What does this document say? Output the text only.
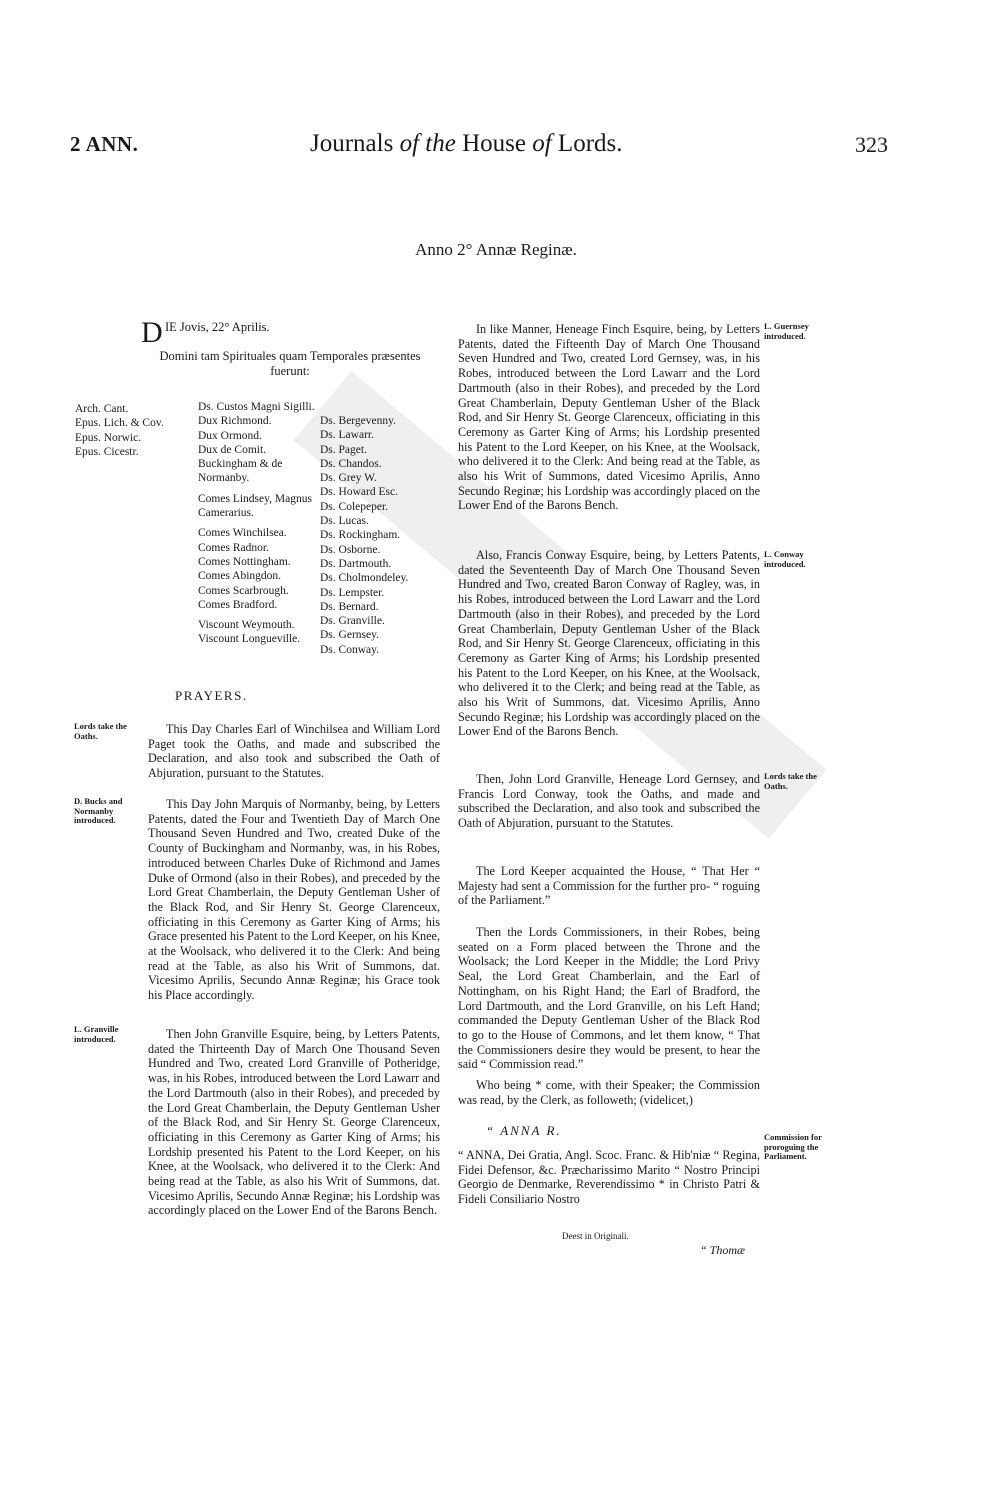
2 ANN.	Journals of the House of Lords.	323
Anno 2° Annæ Reginæ.
D IE Jovis, 22° Aprilis.
Domini tam Spirituales quam Temporales præsentes fuerunt:
Arch. Cant.
Epus. Lich. & Cov.
Epus. Norwic.
Epus. Cicestr.
Ds. Custos Magni Sigilli.
Dux Richmond.
Dux Ormond.
Dux de Comit. Buckingham & de Normanby.
Comes Lindsey, Magnus Camerarius.
Comes Winchilsea.
Comes Radnor.
Comes Nottingham.
Comes Abingdon.
Comes Scarbrough.
Comes Bradford.
Viscount Weymouth.
Viscount Longueville.
Ds. Bergevenny.
Ds. Lawarr.
Ds. Paget.
Ds. Chandos.
Ds. Grey W.
Ds. Howard Esc.
Ds. Colepeper.
Ds. Lucas.
Ds. Rockingham.
Ds. Osborne.
Ds. Dartmouth.
Ds. Cholmondeley.
Ds. Lempster.
Ds. Bernard.
Ds. Granville.
Ds. Gernsey.
Ds. Conway.
PRAYERS.
Lords take the Oaths.
D. Bucks and Normanby introduced.
L. Granville introduced.
This Day Charles Earl of Winchilsea and William Lord Paget took the Oaths, and made and subscribed the Declaration, and also took and subscribed the Oath of Abjuration, pursuant to the Statutes.
This Day John Marquis of Normanby, being, by Letters Patents, dated the Four and Twentieth Day of March One Thousand Seven Hundred and Two, created Duke of the County of Buckingham and Normanby, was, in his Robes, introduced between Charles Duke of Richmond and James Duke of Ormond (also in their Robes), and preceded by the Lord Great Chamberlain, the Deputy Gentleman Usher of the Black Rod, and Sir Henry St. George Clarenceux, officiating in this Ceremony as Garter King of Arms; his Grace presented his Patent to the Lord Keeper, on his Knee, at the Woolsack, who delivered it to the Clerk: And being read at the Table, as also his Writ of Summons, dat. Vicesimo Aprilis, Secundo Annæ Reginæ; his Grace took his Place accordingly.
Then John Granville Esquire, being, by Letters Patents, dated the Thirteenth Day of March One Thousand Seven Hundred and Two, created Lord Granville of Potheridge, was, in his Robes, introduced between the Lord Lawarr and the Lord Dartmouth (also in their Robes), and preceded by the Lord Great Chamberlain, the Deputy Gentleman Usher of the Black Rod, and Sir Henry St. George Clarenceux, officiating in this Ceremony as Garter King of Arms; his Lordship presented his Patent to the Lord Keeper, on his Knee, at the Woolsack, who delivered it to the Clerk: And being read at the Table, as also his Writ of Summons, dat. Vicesimo Aprilis, Secundo Annæ Reginæ; his Lordship was accordingly placed on the Lower End of the Barons Bench.
L. Guernsey introduced.
L. Conway introduced.
Lords take the Oaths.
Commission for proroguing the Parliament.
In like Manner, Heneage Finch Esquire, being, by Letters Patents, dated the Fifteenth Day of March One Thousand Seven Hundred and Two, created Lord Gernsey, was, in his Robes, introduced between the Lord Lawarr and the Lord Dartmouth (also in their Robes), and preceded by the Lord Great Chamberlain, Deputy Gentleman Usher of the Black Rod, and Sir Henry St. George Clarenceux, officiating in this Ceremony as Garter King of Arms; his Lordship presented his Patent to the Lord Keeper, on his Knee, at the Woolsack, who delivered it to the Clerk: And being read at the Table, as also his Writ of Summons, dated Vicesimo Aprilis, Anno Secundo Reginæ; his Lordship was accordingly placed on the Lower End of the Barons Bench.
Also, Francis Conway Esquire, being, by Letters Patents, dated the Seventeenth Day of March One Thousand Seven Hundred and Two, created Baron Conway of Ragley, was, in his Robes, introduced between the Lord Lawarr and the Lord Dartmouth (also in their Robes), and preceded by the Lord Great Chamberlain, Deputy Gentleman Usher of the Black Rod, and Sir Henry St. George Clarenceux, officiating in this Ceremony as Garter King of Arms; his Lordship presented his Patent to the Lord Keeper, on his Knee, at the Woolsack, who delivered it to the Clerk; and being read at the Table, as also his Writ of Summons, dat. Vicesimo Aprilis, Anno Secundo Reginæ; his Lordship was accordingly placed on the Lower End of the Barons Bench.
Then, John Lord Granville, Heneage Lord Gernsey, and Francis Lord Conway, took the Oaths, and made and subscribed the Declaration, and also took and subscribed the Oath of Abjuration, pursuant to the Statutes.
The Lord Keeper acquainted the House, “ That Her “ Majesty had sent a Commission for the further pro- “ roguing of the Parliament.”
Then the Lords Commissioners, in their Robes, being seated on a Form placed between the Throne and the Woolsack; the Lord Keeper in the Middle; the Lord Privy Seal, the Lord Great Chamberlain, and the Earl of Nottingham, on his Right Hand; the Earl of Bradford, the Lord Dartmouth, and the Lord Granville, on his Left Hand; commanded the Deputy Gentleman Usher of the Black Rod to go to the House of Commons, and let them know, “ That the Commissioners desire they would be present, to hear the said “ Commission read.”
Who being * come, with their Speaker; the Commission was read, by the Clerk, as followeth; (videlicet,)
“ ANNA R.
“ ANNA, Dei Gratia, Angl. Scoc. Franc. & Hib'niæ “ Regina, Fidei Defensor, &c. Præcharissimo Marito “ Nostro Principi Georgio de Denmarke, Reverendissimo * in Christo Patri & Fideli Consiliario Nostro
Deest in Originali.
“ Thomæ
